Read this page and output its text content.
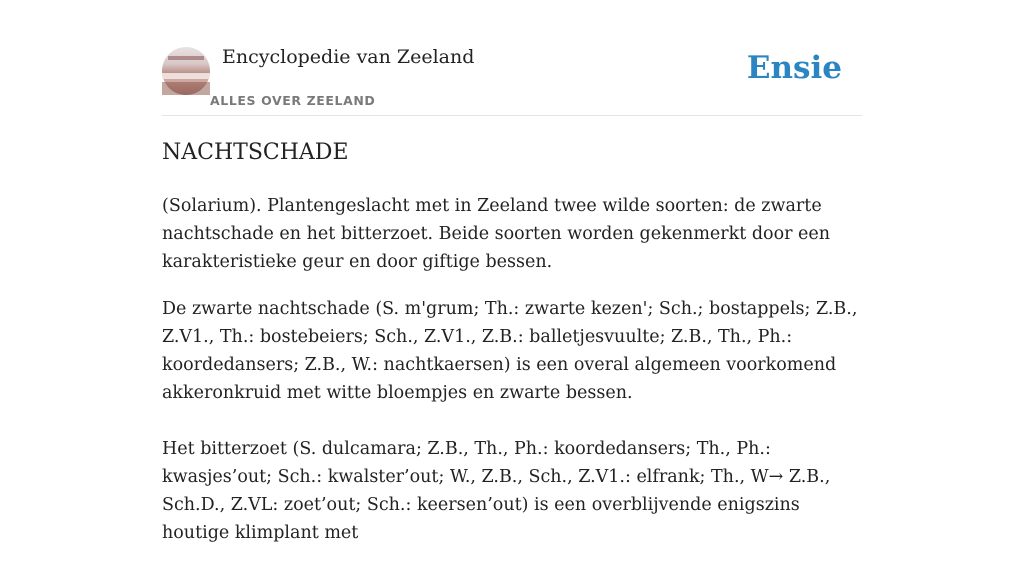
Encyclopedie van Zeeland
ALLES OVER ZEELAND
Ensie
NACHTSCHADE

(Solarium). Plantengeslacht met in Zeeland twee wilde soorten: de zwarte nachtschade en het bitterzoet. Beide soorten worden gekenmerkt door een karakteristieke geur en door giftige bessen.

De zwarte nachtschade (S. m'grum; Th.: zwarte kezen'; Sch.; bostappels; Z.B., Z.V1., Th.: bostebeiers; Sch., Z.V1., Z.B.: balletjesvuulte; Z.B., Th., Ph.: koordedansers; Z.B., W.: nachtkaersen) is een overal algemeen voorkomend akkeronkruid met witte bloempjes en zwarte bessen.

Het bitterzoet (S. dulcamara; Z.B., Th., Ph.: koordedansers; Th., Ph.: kwasjes’out; Sch.: kwalster’out; W., Z.B., Sch., Z.V1.: elfrank; Th., W→ Z.B., Sch.D., Z.VL: zoet’out; Sch.: keersen’out) is een overblijvende enigszins houtige klimplant met
